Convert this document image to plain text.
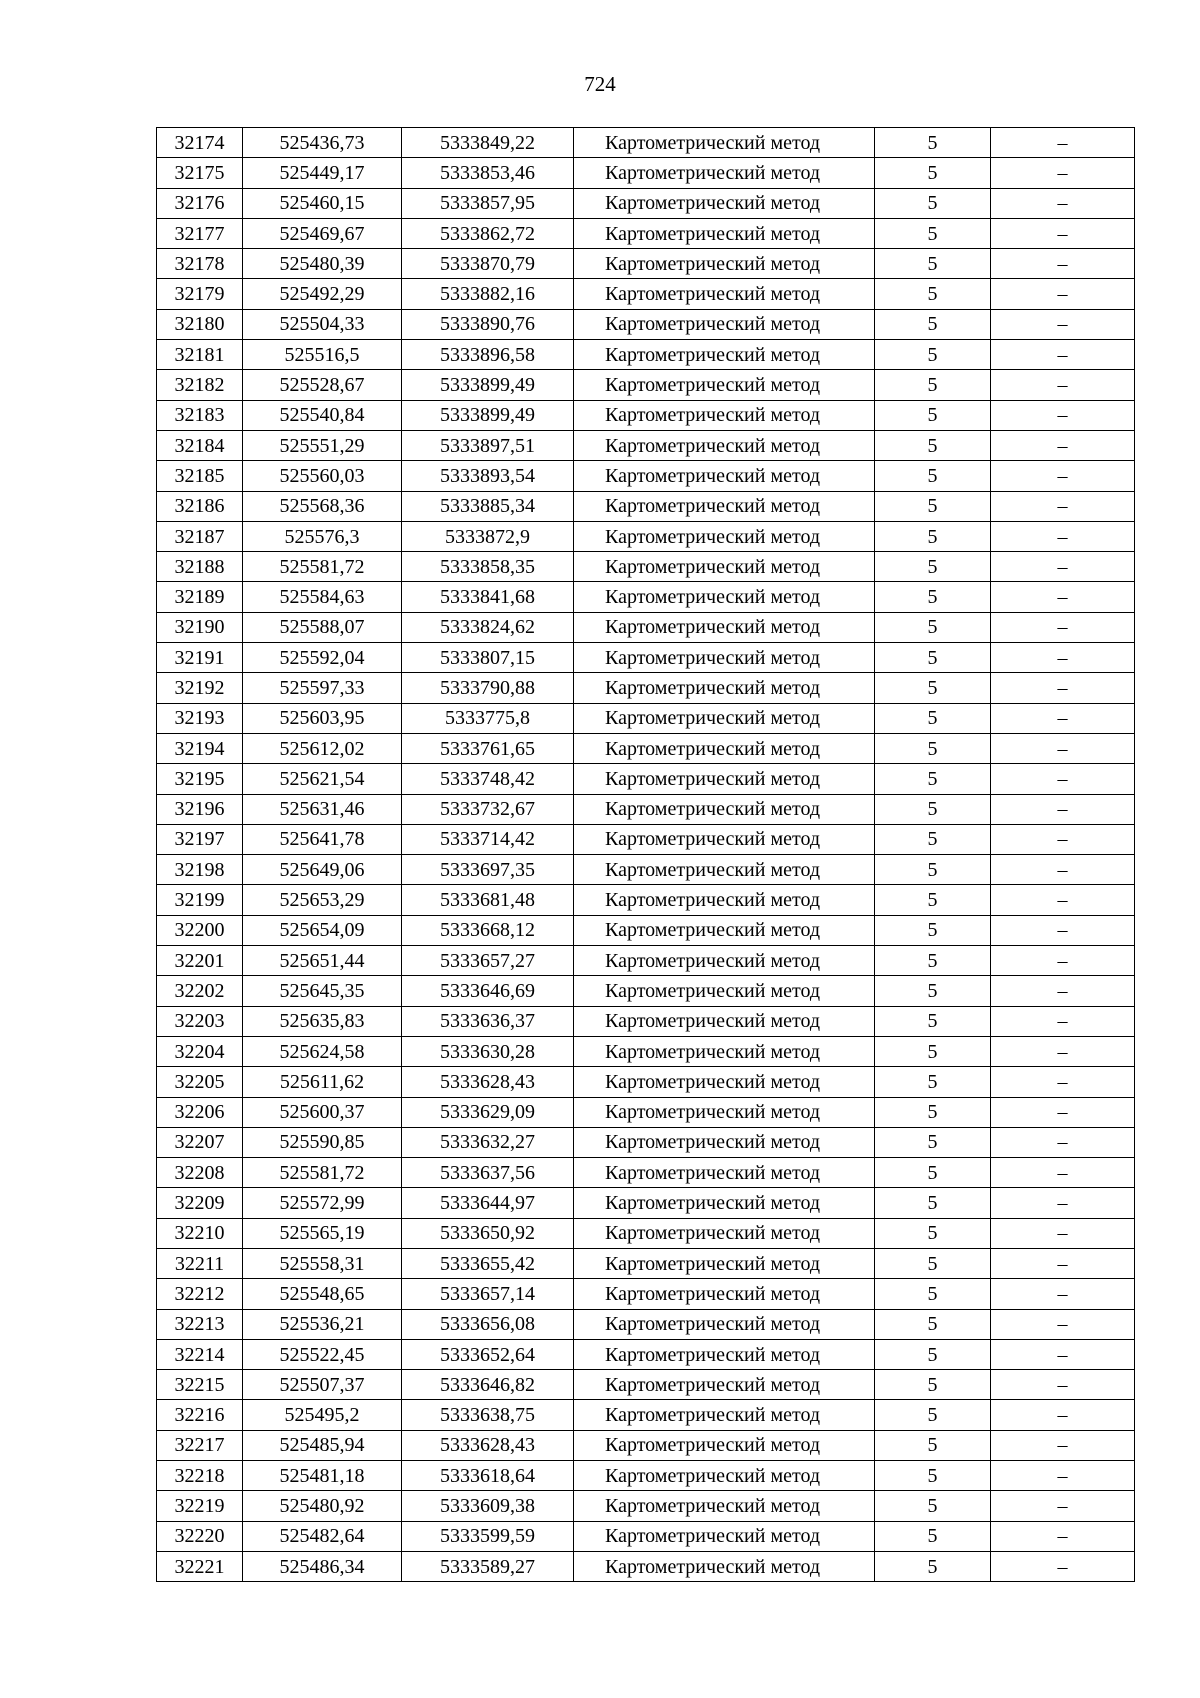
724
32174	525436,73	5333849,22	Картометрический метод	5	–
32175	525449,17	5333853,46	Картометрический метод	5	–
32176	525460,15	5333857,95	Картометрический метод	5	–
32177	525469,67	5333862,72	Картометрический метод	5	–
32178	525480,39	5333870,79	Картометрический метод	5	–
32179	525492,29	5333882,16	Картометрический метод	5	–
32180	525504,33	5333890,76	Картометрический метод	5	–
32181	525516,5	5333896,58	Картометрический метод	5	–
32182	525528,67	5333899,49	Картометрический метод	5	–
32183	525540,84	5333899,49	Картометрический метод	5	–
32184	525551,29	5333897,51	Картометрический метод	5	–
32185	525560,03	5333893,54	Картометрический метод	5	–
32186	525568,36	5333885,34	Картометрический метод	5	–
32187	525576,3	5333872,9	Картометрический метод	5	–
32188	525581,72	5333858,35	Картометрический метод	5	–
32189	525584,63	5333841,68	Картометрический метод	5	–
32190	525588,07	5333824,62	Картометрический метод	5	–
32191	525592,04	5333807,15	Картометрический метод	5	–
32192	525597,33	5333790,88	Картометрический метод	5	–
32193	525603,95	5333775,8	Картометрический метод	5	–
32194	525612,02	5333761,65	Картометрический метод	5	–
32195	525621,54	5333748,42	Картометрический метод	5	–
32196	525631,46	5333732,67	Картометрический метод	5	–
32197	525641,78	5333714,42	Картометрический метод	5	–
32198	525649,06	5333697,35	Картометрический метод	5	–
32199	525653,29	5333681,48	Картометрический метод	5	–
32200	525654,09	5333668,12	Картометрический метод	5	–
32201	525651,44	5333657,27	Картометрический метод	5	–
32202	525645,35	5333646,69	Картометрический метод	5	–
32203	525635,83	5333636,37	Картометрический метод	5	–
32204	525624,58	5333630,28	Картометрический метод	5	–
32205	525611,62	5333628,43	Картометрический метод	5	–
32206	525600,37	5333629,09	Картометрический метод	5	–
32207	525590,85	5333632,27	Картометрический метод	5	–
32208	525581,72	5333637,56	Картометрический метод	5	–
32209	525572,99	5333644,97	Картометрический метод	5	–
32210	525565,19	5333650,92	Картометрический метод	5	–
32211	525558,31	5333655,42	Картометрический метод	5	–
32212	525548,65	5333657,14	Картометрический метод	5	–
32213	525536,21	5333656,08	Картометрический метод	5	–
32214	525522,45	5333652,64	Картометрический метод	5	–
32215	525507,37	5333646,82	Картометрический метод	5	–
32216	525495,2	5333638,75	Картометрический метод	5	–
32217	525485,94	5333628,43	Картометрический метод	5	–
32218	525481,18	5333618,64	Картометрический метод	5	–
32219	525480,92	5333609,38	Картометрический метод	5	–
32220	525482,64	5333599,59	Картометрический метод	5	–
32221	525486,34	5333589,27	Картометрический метод	5	–
